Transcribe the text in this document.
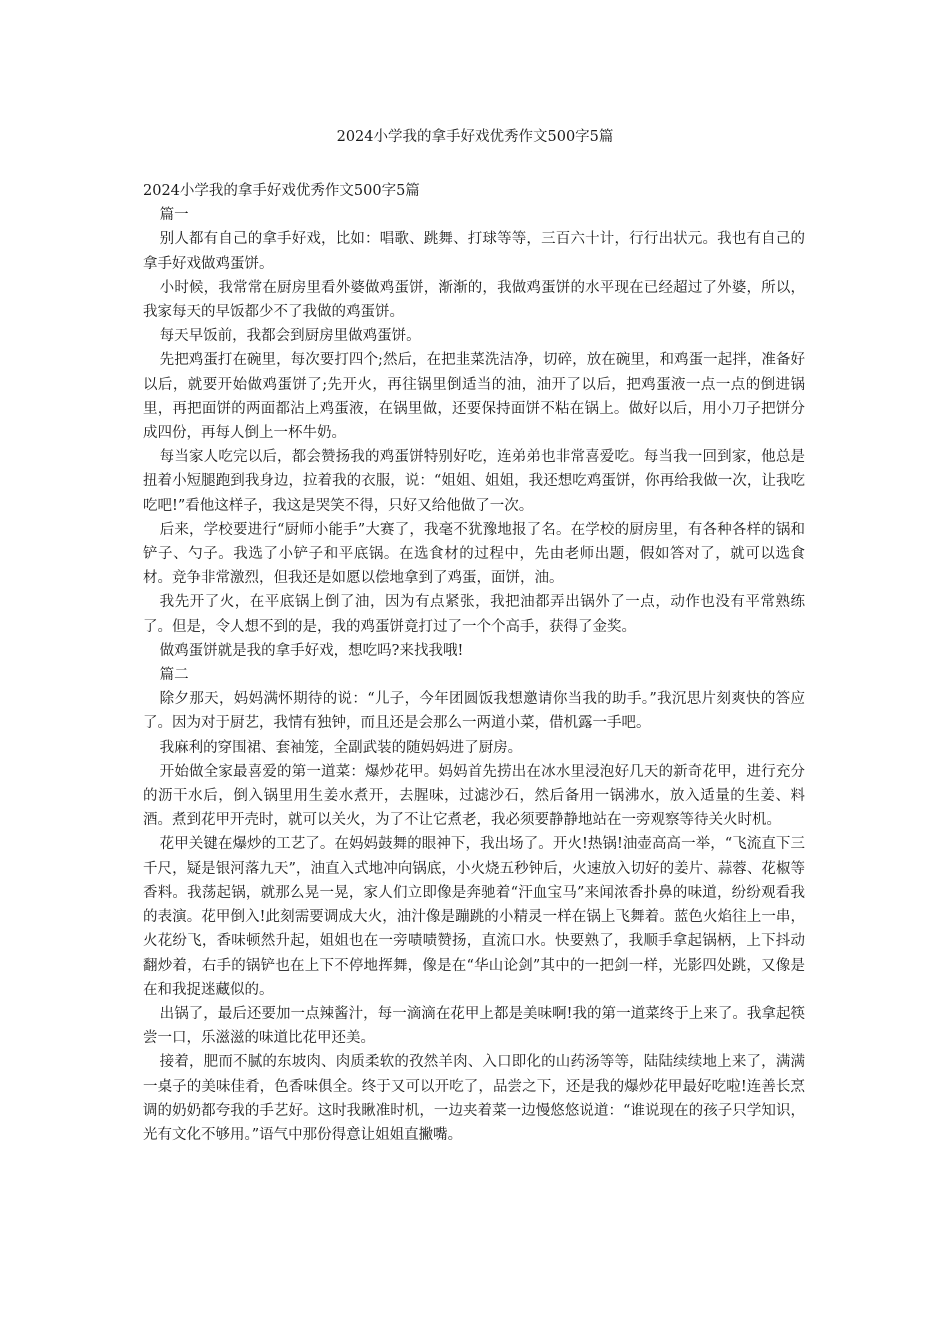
2024小学我的拿手好戏优秀作文500字5篇

2024小学我的拿手好戏优秀作文500字5篇

篇一

别人都有自己的拿手好戏，比如：唱歌、跳舞、打球等等，三百六十计，行行出状元。我也有自己的拿手好戏做鸡蛋饼。

小时候，我常常在厨房里看外婆做鸡蛋饼，渐渐的，我做鸡蛋饼的水平现在已经超过了外婆，所以，我家每天的早饭都少不了我做的鸡蛋饼。

每天早饭前，我都会到厨房里做鸡蛋饼。

先把鸡蛋打在碗里，每次要打四个;然后，在把韭菜洗洁净，切碎，放在碗里，和鸡蛋一起拌，准备好以后，就要开始做鸡蛋饼了;先开火，再往锅里倒适当的油，油开了以后，把鸡蛋液一点一点的倒进锅里，再把面饼的两面都沾上鸡蛋液，在锅里做，还要保持面饼不粘在锅上。做好以后，用小刀子把饼分成四份，再每人倒上一杯牛奶。

每当家人吃完以后，都会赞扬我的鸡蛋饼特别好吃，连弟弟也非常喜爱吃。每当我一回到家，他总是扭着小短腿跑到我身边，拉着我的衣服，说：“姐姐、姐姐，我还想吃鸡蛋饼，你再给我做一次，让我吃吃吧!”看他这样子，我这是哭笑不得，只好又给他做了一次。

后来，学校要进行“厨师小能手”大赛了，我毫不犹豫地报了名。在学校的厨房里，有各种各样的锅和铲子、勺子。我选了小铲子和平底锅。在选食材的过程中，先由老师出题，假如答对了，就可以选食材。竞争非常激烈，但我还是如愿以偿地拿到了鸡蛋，面饼，油。

我先开了火，在平底锅上倒了油，因为有点紧张，我把油都弄出锅外了一点，动作也没有平常熟练了。但是，令人想不到的是，我的鸡蛋饼竟打过了一个个高手，获得了金奖。

做鸡蛋饼就是我的拿手好戏，想吃吗?来找我哦!

篇二

除夕那天，妈妈满怀期待的说：“儿子，今年团圆饭我想邀请你当我的助手。”我沉思片刻爽快的答应了。因为对于厨艺，我情有独钟，而且还是会那么一两道小菜，借机露一手吧。

我麻利的穿围裙、套袖笼，全副武装的随妈妈进了厨房。

开始做全家最喜爱的第一道菜：爆炒花甲。妈妈首先捞出在冰水里浸泡好几天的新奇花甲，进行充分的沥干水后，倒入锅里用生姜水煮开，去腥味，过滤沙石，然后备用一锅沸水，放入适量的生姜、料酒。煮到花甲开壳时，就可以关火，为了不让它煮老，我必须要静静地站在一旁观察等待关火时机。

花甲关键在爆炒的工艺了。在妈妈鼓舞的眼神下，我出场了。开火!热锅!油壶高高一举，“飞流直下三千尺，疑是银河落九天”，油直入式地冲向锅底，小火烧五秒钟后，火速放入切好的姜片、蒜蓉、花椒等香料。我荡起锅，就那么晃一晃，家人们立即像是奔驰着“汗血宝马”来闻浓香扑鼻的味道，纷纷观看我的表演。花甲倒入!此刻需要调成大火，油汁像是蹦跳的小精灵一样在锅上飞舞着。蓝色火焰往上一串，火花纷飞，香味顿然升起，姐姐也在一旁啧啧赞扬，直流口水。快要熟了，我顺手拿起锅柄，上下抖动翻炒着，右手的锅铲也在上下不停地挥舞，像是在“华山论剑”其中的一把剑一样，光影四处跳，又像是在和我捉迷藏似的。

出锅了，最后还要加一点辣酱汁，每一滴滴在花甲上都是美味啊!我的第一道菜终于上来了。我拿起筷尝一口，乐滋滋的味道比花甲还美。

接着，肥而不腻的东坡肉、肉质柔软的孜然羊肉、入口即化的山药汤等等，陆陆续续地上来了，满满一桌子的美味佳肴，色香味俱全。终于又可以开吃了，品尝之下，还是我的爆炒花甲最好吃啦!连善长烹调的奶奶都夸我的手艺好。这时我瞅准时机，一边夹着菜一边慢悠悠说道：“谁说现在的孩子只学知识，光有文化不够用。”语气中那份得意让姐姐直撇嘴。
